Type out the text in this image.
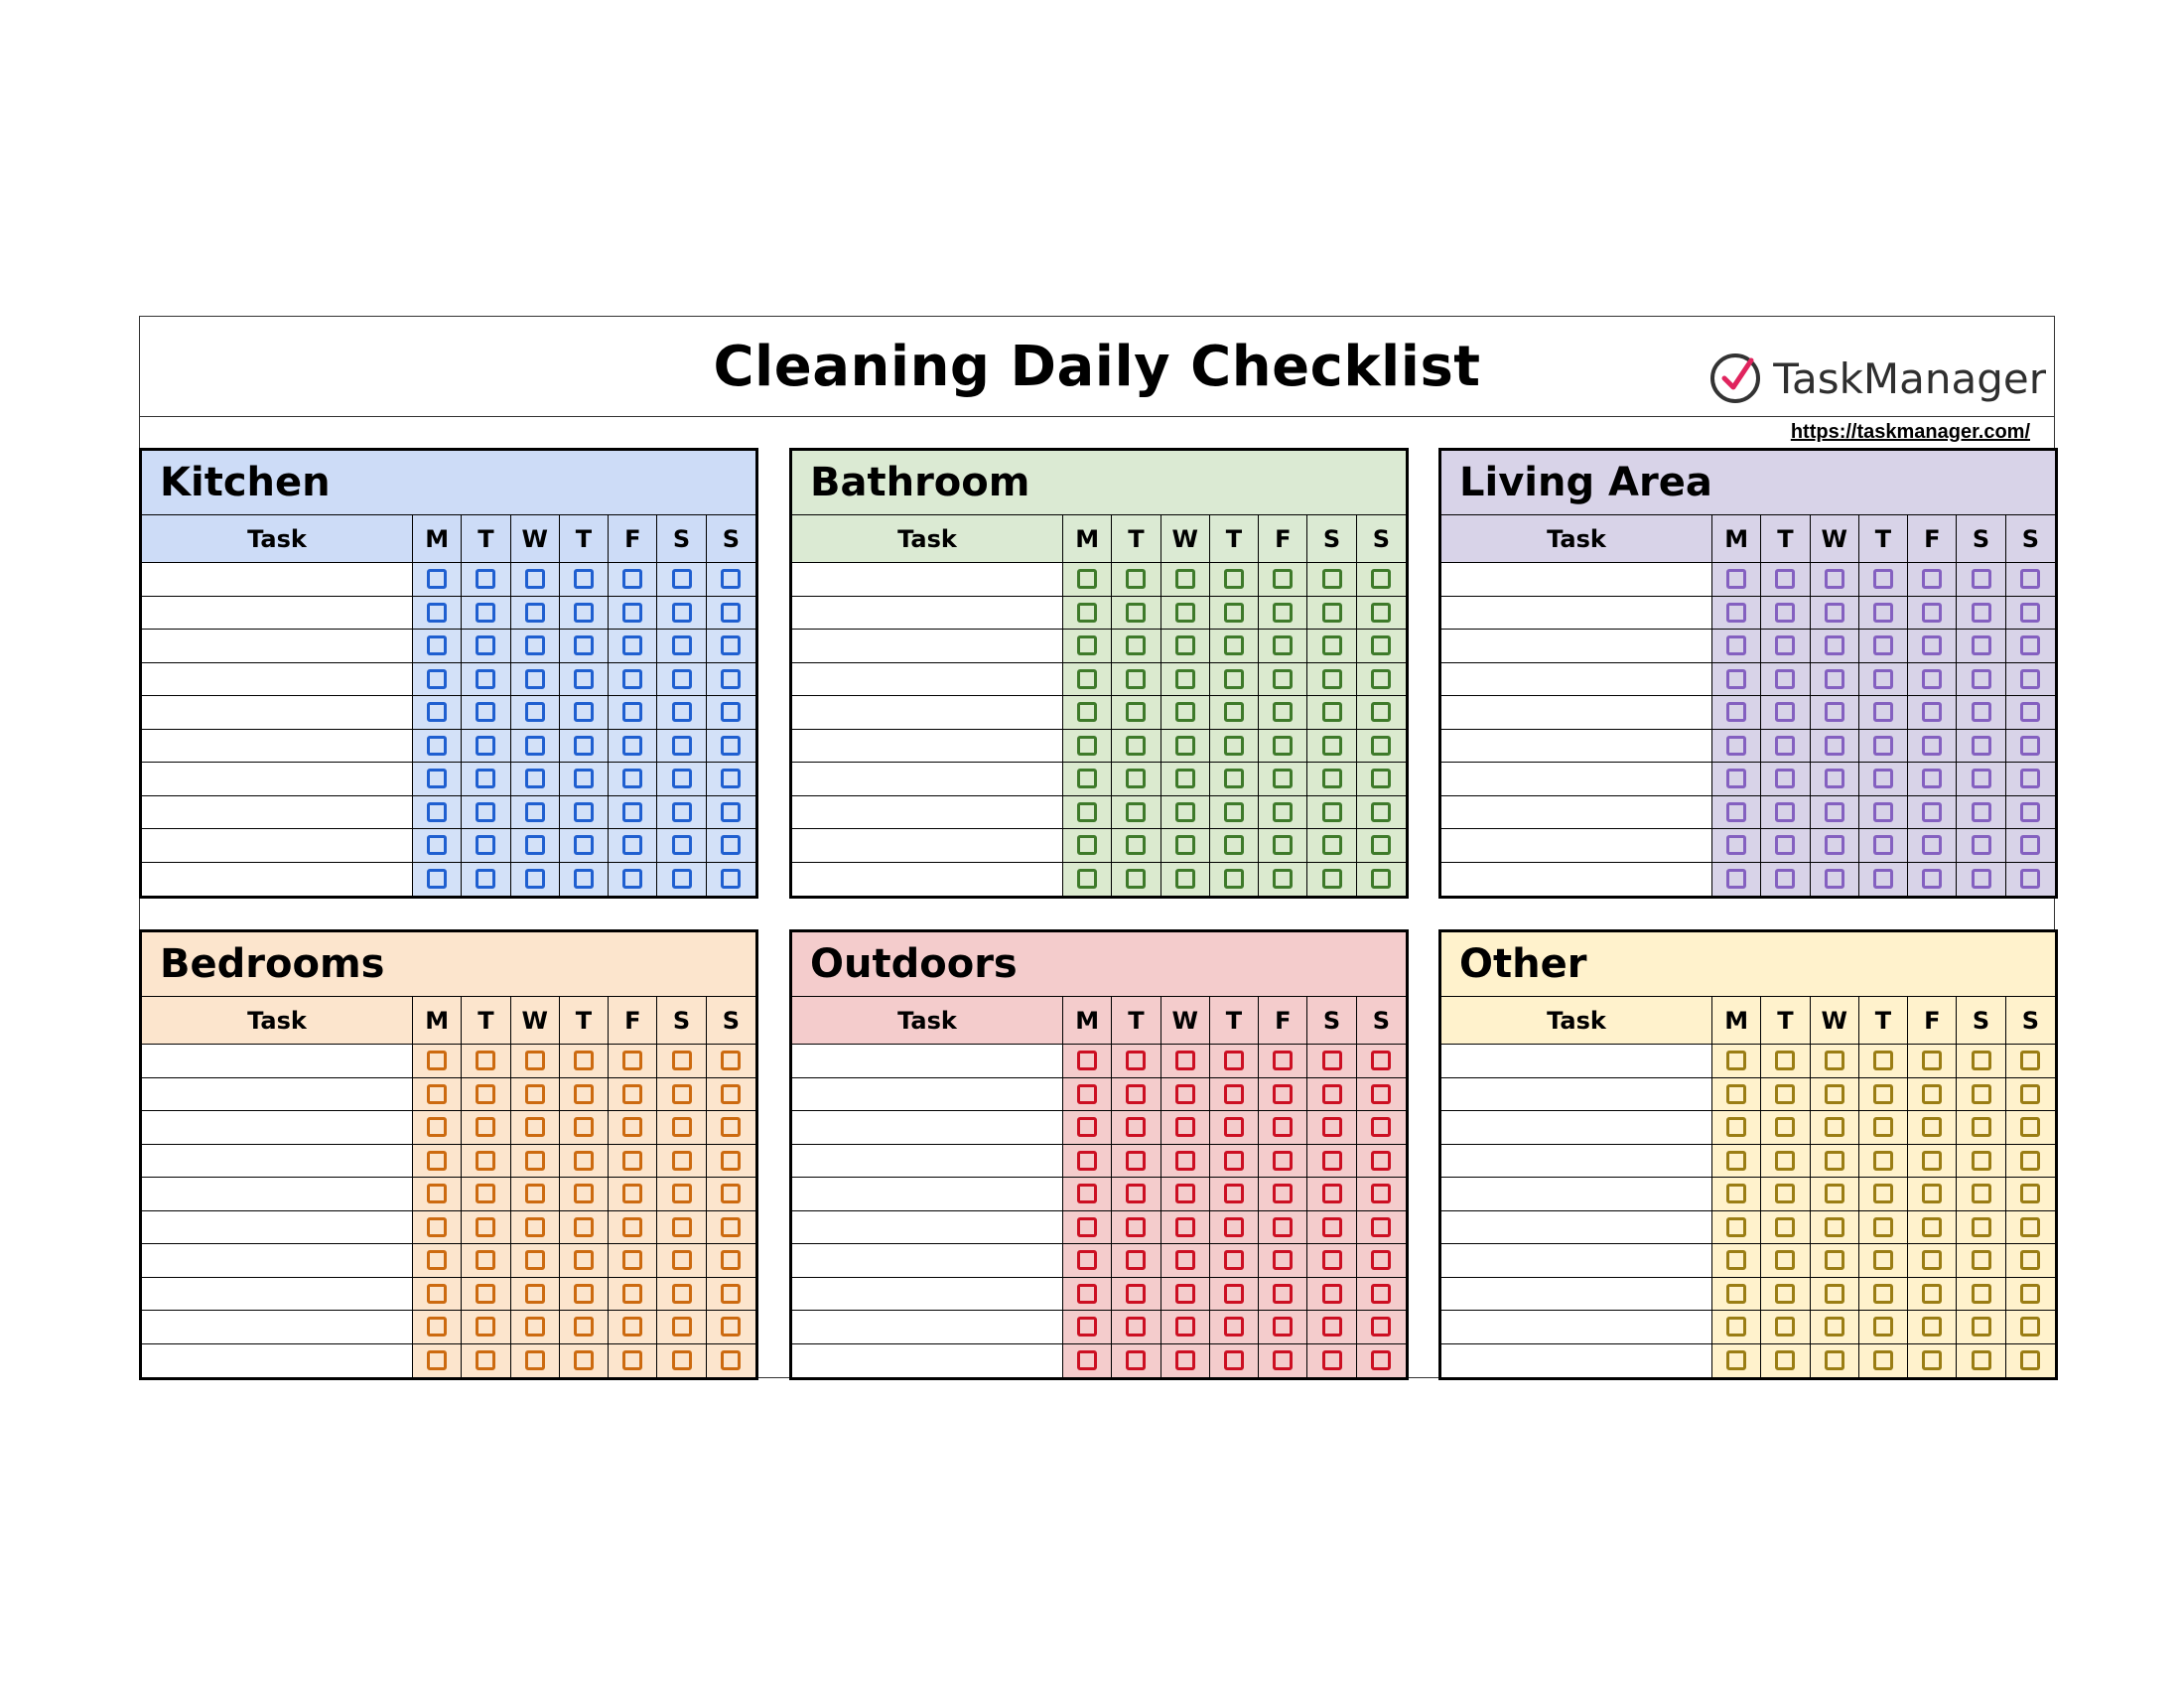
Cleaning Daily Checklist	TaskManager
https://taskmanager.com/
Kitchen
Task	M	T	W	T	F	S	S
Bathroom
Task	M	T	W	T	F	S	S
Living Area
Task	M	T	W	T	F	S	S
Bedrooms
Task	M	T	W	T	F	S	S
Outdoors
Task	M	T	W	T	F	S	S
Other
Task	M	T	W	T	F	S	S
